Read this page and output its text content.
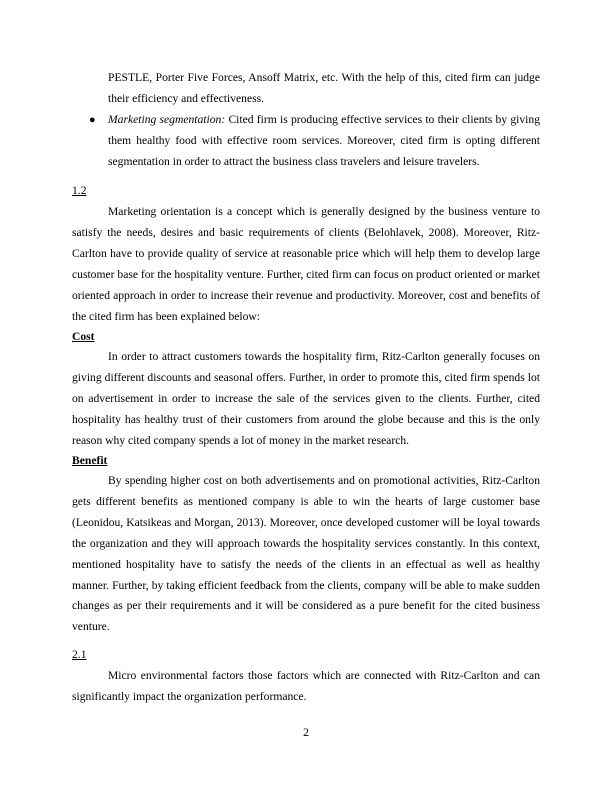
PESTLE, Porter Five Forces, Ansoff Matrix, etc. With the help of this, cited firm can judge their efficiency and effectiveness.

● Marketing segmentation: Cited firm is producing effective services to their clients by giving them healthy food with effective room services. Moreover, cited firm is opting different segmentation in order to attract the business class travelers and leisure travelers.

1.2

Marketing orientation is a concept which is generally designed by the business venture to satisfy the needs, desires and basic requirements of clients (Belohlavek, 2008). Moreover, Ritz-Carlton have to provide quality of service at reasonable price which will help them to develop large customer base for the hospitality venture. Further, cited firm can focus on product oriented or market oriented approach in order to increase their revenue and productivity. Moreover, cost and benefits of the cited firm has been explained below:

Cost

In order to attract customers towards the hospitality firm, Ritz-Carlton generally focuses on giving different discounts and seasonal offers. Further, in order to promote this, cited firm spends lot on advertisement in order to increase the sale of the services given to the clients. Further, cited hospitality has healthy trust of their customers from around the globe because and this is the only reason why cited company spends a lot of money in the market research.

Benefit

By spending higher cost on both advertisements and on promotional activities, Ritz-Carlton gets different benefits as mentioned company is able to win the hearts of large customer base (Leonidou, Katsikeas and Morgan, 2013). Moreover, once developed customer will be loyal towards the organization and they will approach towards the hospitality services constantly. In this context, mentioned hospitality have to satisfy the needs of the clients in an effectual as well as healthy manner. Further, by taking efficient feedback from the clients, company will be able to make sudden changes as per their requirements and it will be considered as a pure benefit for the cited business venture.

2.1

Micro environmental factors those factors which are connected with Ritz-Carlton and can significantly impact the organization performance.

2
